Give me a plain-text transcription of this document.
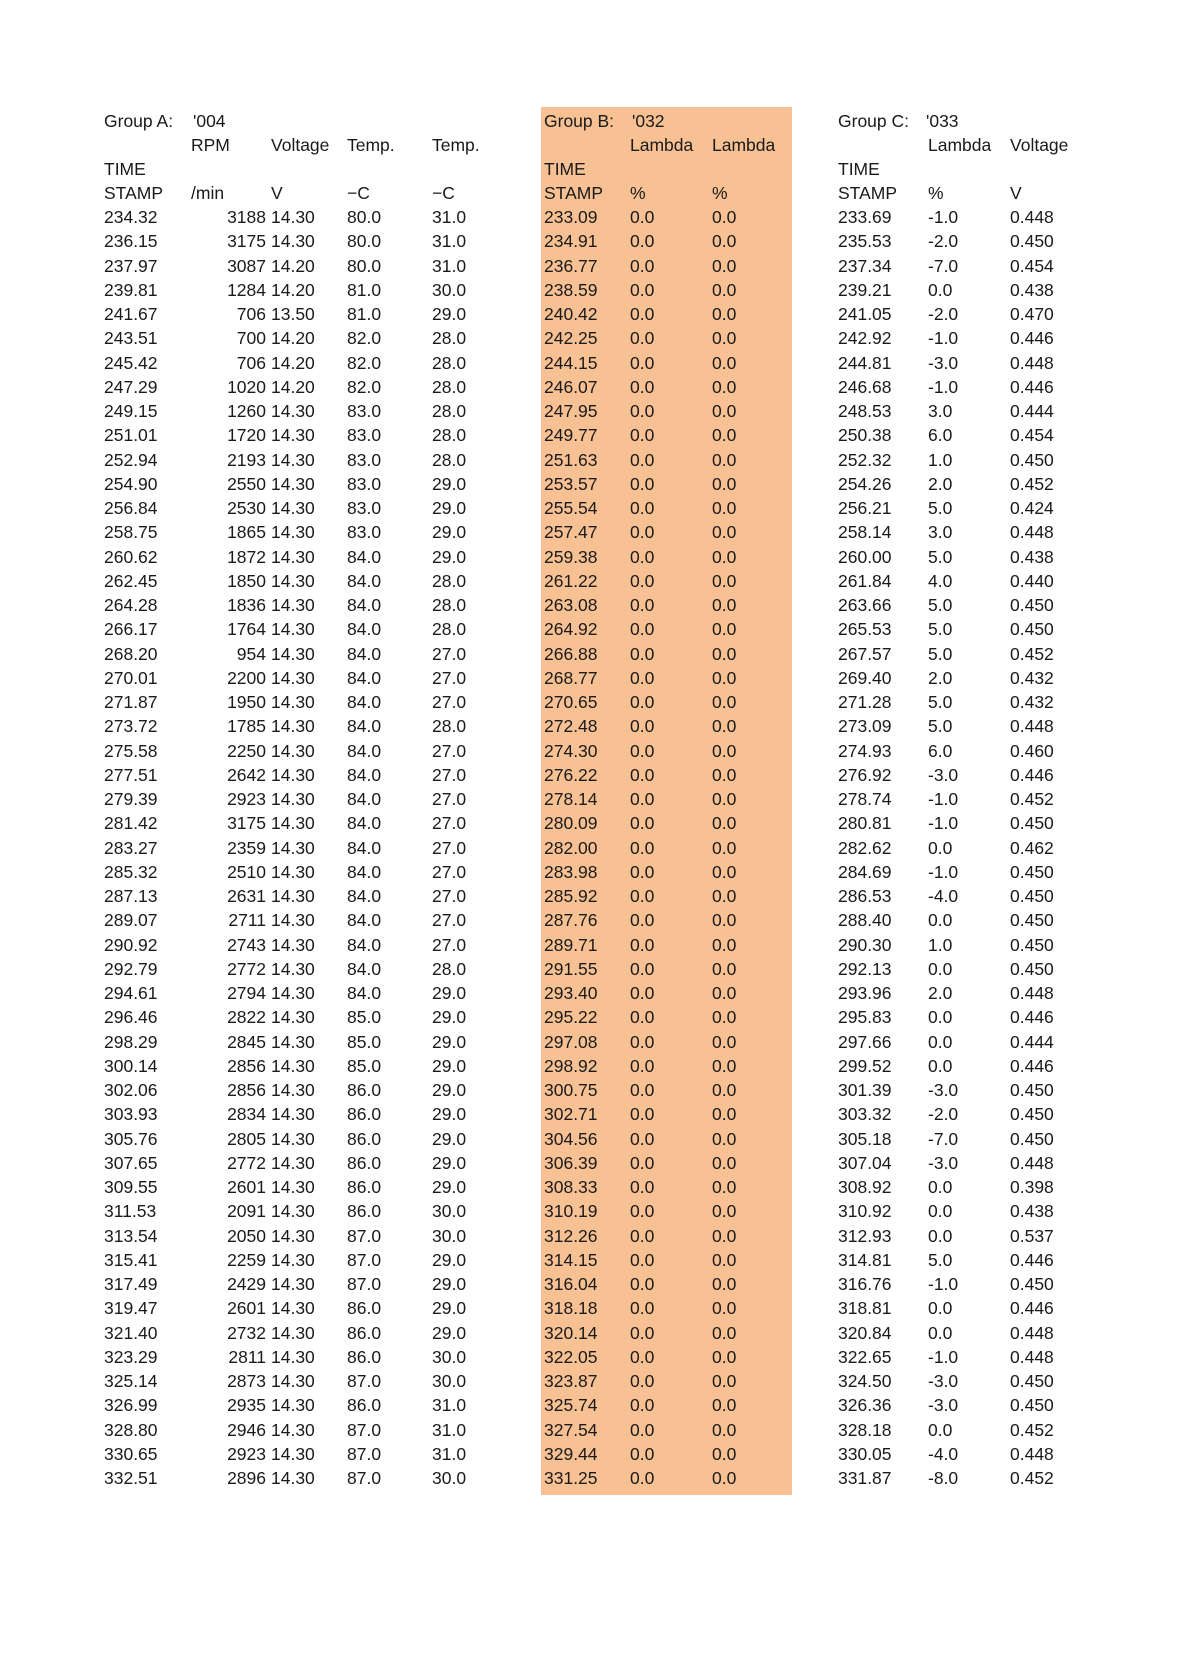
Group A:	'004
RPM	Voltage	Temp.	Temp.
TIME
STAMP	/min	V	−C	−C
234.32	3188 14.30	80.0	31.0
236.15	3175 14.30	80.0	31.0
237.97	3087 14.20	80.0	31.0
239.81	1284 14.20	81.0	30.0
241.67	706 13.50	81.0	29.0
243.51	700 14.20	82.0	28.0
245.42	706 14.20	82.0	28.0
247.29	1020 14.20	82.0	28.0
249.15	1260 14.30	83.0	28.0
251.01	1720 14.30	83.0	28.0
252.94	2193 14.30	83.0	28.0
254.90	2550 14.30	83.0	29.0
256.84	2530 14.30	83.0	29.0
258.75	1865 14.30	83.0	29.0
260.62	1872 14.30	84.0	29.0
262.45	1850 14.30	84.0	28.0
264.28	1836 14.30	84.0	28.0
266.17	1764 14.30	84.0	28.0
268.20	954 14.30	84.0	27.0
270.01	2200 14.30	84.0	27.0
271.87	1950 14.30	84.0	27.0
273.72	1785 14.30	84.0	28.0
275.58	2250 14.30	84.0	27.0
277.51	2642 14.30	84.0	27.0
279.39	2923 14.30	84.0	27.0
281.42	3175 14.30	84.0	27.0
283.27	2359 14.30	84.0	27.0
285.32	2510 14.30	84.0	27.0
287.13	2631 14.30	84.0	27.0
289.07	2711 14.30	84.0	27.0
290.92	2743 14.30	84.0	27.0
292.79	2772 14.30	84.0	28.0
294.61	2794 14.30	84.0	29.0
296.46	2822 14.30	85.0	29.0
298.29	2845 14.30	85.0	29.0
300.14	2856 14.30	85.0	29.0
302.06	2856 14.30	86.0	29.0
303.93	2834 14.30	86.0	29.0
305.76	2805 14.30	86.0	29.0
307.65	2772 14.30	86.0	29.0
309.55	2601 14.30	86.0	29.0
311.53	2091 14.30	86.0	30.0
313.54	2050 14.30	87.0	30.0
315.41	2259 14.30	87.0	29.0
317.49	2429 14.30	87.0	29.0
319.47	2601 14.30	86.0	29.0
321.40	2732 14.30	86.0	29.0
323.29	2811 14.30	86.0	30.0
325.14	2873 14.30	87.0	30.0
326.99	2935 14.30	86.0	31.0
328.80	2946 14.30	87.0	31.0
330.65	2923 14.30	87.0	31.0
332.51	2896 14.30	87.0	30.0
Group B:	'032
Lambda	Lambda
TIME
STAMP	%	%
233.09	0.0	0.0
234.91	0.0	0.0
236.77	0.0	0.0
238.59	0.0	0.0
240.42	0.0	0.0
242.25	0.0	0.0
244.15	0.0	0.0
246.07	0.0	0.0
247.95	0.0	0.0
249.77	0.0	0.0
251.63	0.0	0.0
253.57	0.0	0.0
255.54	0.0	0.0
257.47	0.0	0.0
259.38	0.0	0.0
261.22	0.0	0.0
263.08	0.0	0.0
264.92	0.0	0.0
266.88	0.0	0.0
268.77	0.0	0.0
270.65	0.0	0.0
272.48	0.0	0.0
274.30	0.0	0.0
276.22	0.0	0.0
278.14	0.0	0.0
280.09	0.0	0.0
282.00	0.0	0.0
283.98	0.0	0.0
285.92	0.0	0.0
287.76	0.0	0.0
289.71	0.0	0.0
291.55	0.0	0.0
293.40	0.0	0.0
295.22	0.0	0.0
297.08	0.0	0.0
298.92	0.0	0.0
300.75	0.0	0.0
302.71	0.0	0.0
304.56	0.0	0.0
306.39	0.0	0.0
308.33	0.0	0.0
310.19	0.0	0.0
312.26	0.0	0.0
314.15	0.0	0.0
316.04	0.0	0.0
318.18	0.0	0.0
320.14	0.0	0.0
322.05	0.0	0.0
323.87	0.0	0.0
325.74	0.0	0.0
327.54	0.0	0.0
329.44	0.0	0.0
331.25	0.0	0.0
Group C: '033
Lambda	Voltage
TIME
STAMP	%	V
233.69	-1.0	0.448
235.53	-2.0	0.450
237.34	-7.0	0.454
239.21	0.0	0.438
241.05	-2.0	0.470
242.92	-1.0	0.446
244.81	-3.0	0.448
246.68	-1.0	0.446
248.53	3.0	0.444
250.38	6.0	0.454
252.32	1.0	0.450
254.26	2.0	0.452
256.21	5.0	0.424
258.14	3.0	0.448
260.00	5.0	0.438
261.84	4.0	0.440
263.66	5.0	0.450
265.53	5.0	0.450
267.57	5.0	0.452
269.40	2.0	0.432
271.28	5.0	0.432
273.09	5.0	0.448
274.93	6.0	0.460
276.92	-3.0	0.446
278.74	-1.0	0.452
280.81	-1.0	0.450
282.62	0.0	0.462
284.69	-1.0	0.450
286.53	-4.0	0.450
288.40	0.0	0.450
290.30	1.0	0.450
292.13	0.0	0.450
293.96	2.0	0.448
295.83	0.0	0.446
297.66	0.0	0.444
299.52	0.0	0.446
301.39	-3.0	0.450
303.32	-2.0	0.450
305.18	-7.0	0.450
307.04	-3.0	0.448
308.92	0.0	0.398
310.92	0.0	0.438
312.93	0.0	0.537
314.81	5.0	0.446
316.76	-1.0	0.450
318.81	0.0	0.446
320.84	0.0	0.448
322.65	-1.0	0.448
324.50	-3.0	0.450
326.36	-3.0	0.450
328.18	0.0	0.452
330.05	-4.0	0.448
331.87	-8.0	0.452
